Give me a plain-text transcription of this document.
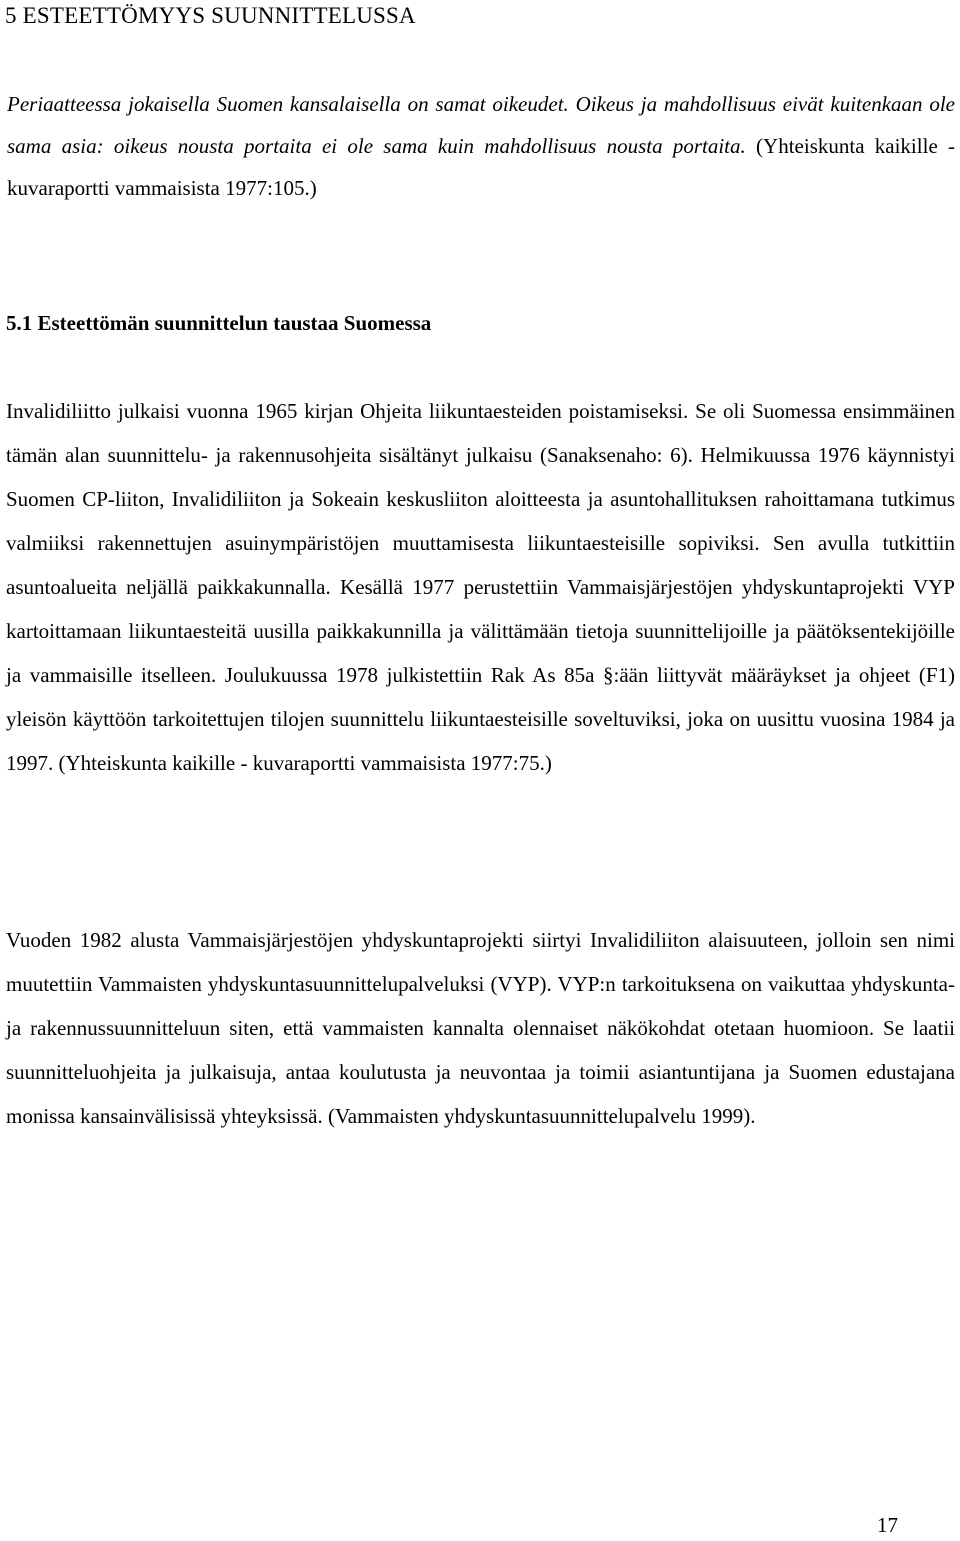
5 ESTEETTÖMYYS SUUNNITTELUSSA

Periaatteessa jokaisella Suomen kansalaisella on samat oikeudet. Oikeus ja mahdollisuus eivät kuitenkaan ole sama asia: oikeus nousta portaita ei ole sama kuin mahdollisuus nousta portaita. (Yhteiskunta kaikille - kuvaraportti vammaisista 1977:105.)

5.1 Esteettömän suunnittelun taustaa Suomessa

Invalidiliitto julkaisi vuonna 1965 kirjan Ohjeita liikuntaesteiden poistamiseksi. Se oli Suomessa ensimmäinen tämän alan suunnittelu- ja rakennusohjeita sisältänyt julkaisu (Sanaksenaho: 6). Helmikuussa 1976 käynnistyi Suomen CP-liiton, Invalidiliiton ja Sokeain keskusliiton aloitteesta ja asuntohallituksen rahoittamana tutkimus valmiiksi rakennettujen asuinympäristöjen muuttamisesta liikuntaesteisille sopiviksi. Sen avulla tutkittiin asuntoalueita neljällä paikkakunnalla. Kesällä 1977 perustettiin Vammaisjärjestöjen yhdyskuntaprojekti VYP kartoittamaan liikuntaesteitä uusilla paikkakunnilla ja välittämään tietoja suunnittelijoille ja päätöksentekijöille ja vammaisille itselleen. Joulukuussa 1978 julkistettiin Rak As 85a §:ään liittyvät määräykset ja ohjeet (F1) yleisön käyttöön tarkoitettujen tilojen suunnittelu liikuntaesteisille soveltuviksi, joka on uusittu vuosina 1984 ja 1997. (Yhteiskunta kaikille - kuvaraportti vammaisista 1977:75.)

Vuoden 1982 alusta Vammaisjärjestöjen yhdyskuntaprojekti siirtyi Invalidiliiton alaisuuteen, jolloin sen nimi muutettiin Vammaisten yhdyskuntasuunnittelupalveluksi (VYP). VYP:n tarkoituksena on vaikuttaa yhdyskunta- ja rakennussuunnitteluun siten, että vammaisten kannalta olennaiset näkökohdat otetaan huomioon. Se laatii suunnitteluohjeita ja julkaisuja, antaa koulutusta ja neuvontaa ja toimii asiantuntijana ja Suomen edustajana monissa kansainvälisissä yhteyksissä. (Vammaisten yhdyskuntasuunnittelupalvelu 1999).

17
